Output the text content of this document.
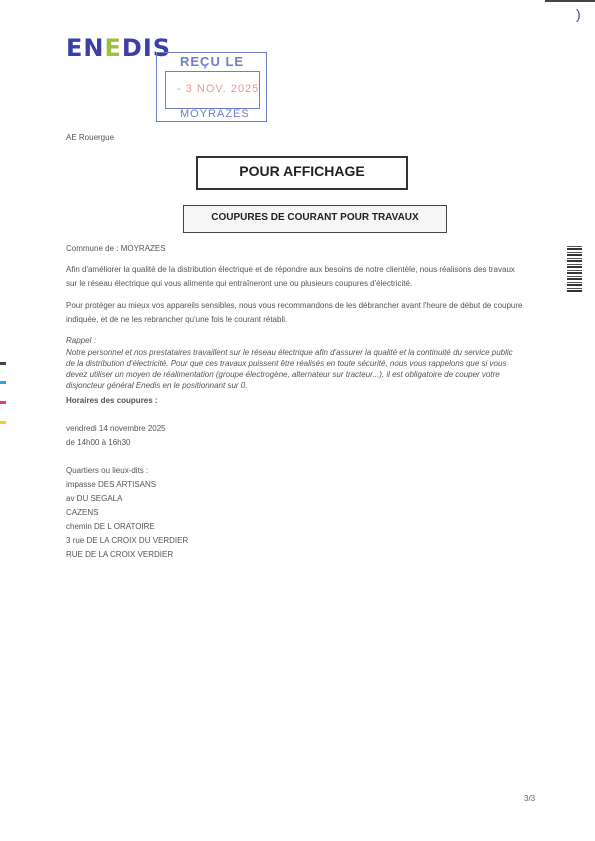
)
ENEDIS REÇU LE
- 3 NOV. 2025
MOYRAZES
AE Rouergue
POUR AFFICHAGE
COUPURES DE COURANT POUR TRAVAUX
Commune de : MOYRAZES
Afin d'améliorer la qualité de la distribution électrique et de répondre aux besoins de notre clientèle, nous réalisons des travaux
sur le réseau électrique qui vous alimente qui entraîneront une ou plusieurs coupures d'électricité.
Pour protéger au mieux vos appareils sensibles, nous vous recommandons de les débrancher avant l'heure de début de coupure
indiquée, et de ne les rebrancher qu'une fois le courant rétabli.
Rappel :
Notre personnel et nos prestataires travaillent sur le réseau électrique afin d'assurer la qualité et la continuité du service public
de la distribution d'électricité. Pour que ces travaux puissent être réalisés en toute sécurité, nous vous rappelons que si vous
devez utiliser un moyen de réalimentation (groupe électrogène, alternateur sur tracteur...), il est obligatoire de couper votre
disjoncteur général Enedis en le positionnant sur 0.
Horaires des coupures :
vendredi 14 novembre 2025
de 14h00 à 16h30
Quartiers ou lieux-dits :
impasse DES ARTISANS
av DU SEGALA
CAZENS
chemin DE L ORATOIRE
3 rue DE LA CROIX DU VERDIER
RUE DE LA CROIX VERDIER
3/3
